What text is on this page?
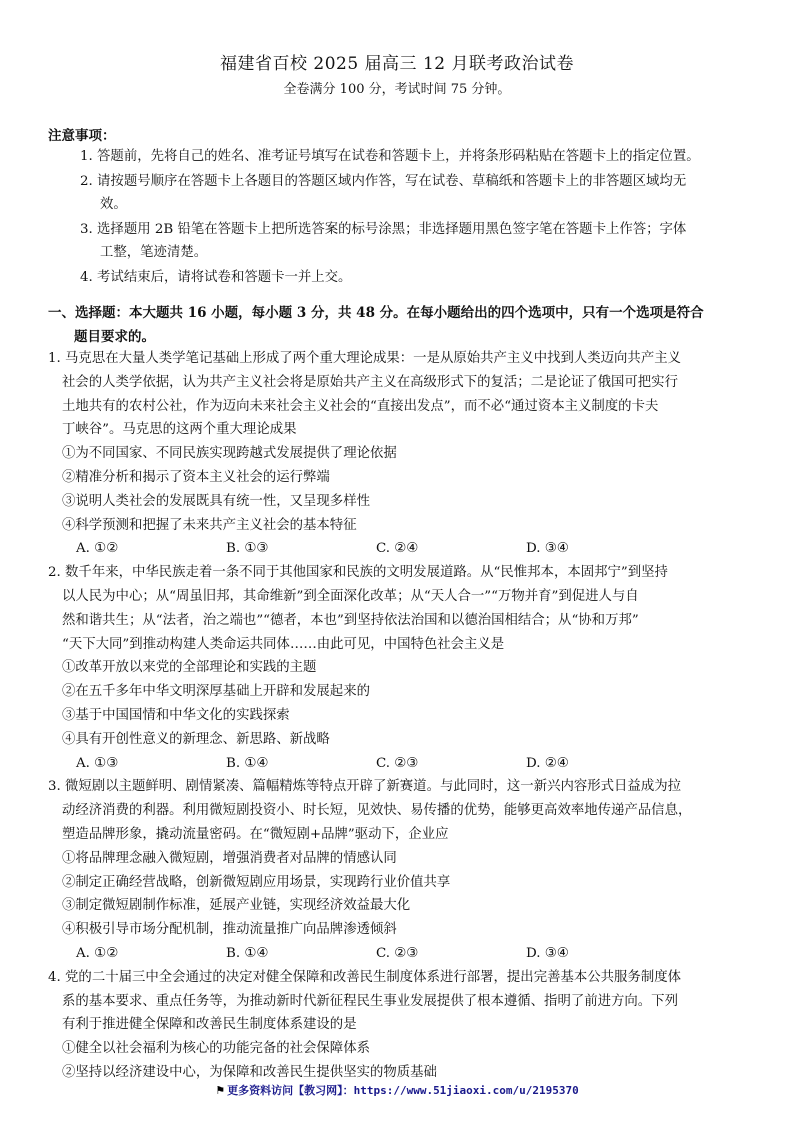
福建省百校 2025 届高三 12 月联考政治试卷
全卷满分 100 分，考试时间 75 分钟。
注意事项：
1. 答题前，先将自己的姓名、准考证号填写在试卷和答题卡上，并将条形码粘贴在答题卡上的指定位置。
2. 请按题号顺序在答题卡上各题目的答题区域内作答，写在试卷、草稿纸和答题卡上的非答题区域均无
效。
3. 选择题用 2B 铅笔在答题卡上把所选答案的标号涂黑；非选择题用黑色签字笔在答题卡上作答；字体
工整，笔迹清楚。
4. 考试结束后，请将试卷和答题卡一并上交。
一、选择题：本大题共 16 小题，每小题 3 分，共 48 分。在每小题给出的四个选项中，只有一个选项是符合
题目要求的。
1. 马克思在大量人类学笔记基础上形成了两个重大理论成果：一是从原始共产主义中找到人类迈向共产主义
社会的人类学依据，认为共产主义社会将是原始共产主义在高级形式下的复活；二是论证了俄国可把实行
土地共有的农村公社，作为迈向未来社会主义社会的“直接出发点”，而不必“通过资本主义制度的卡夫
丁峡谷”。马克思的这两个重大理论成果
①为不同国家、不同民族实现跨越式发展提供了理论依据
②精准分析和揭示了资本主义社会的运行弊端
③说明人类社会的发展既具有统一性，又呈现多样性
④科学预测和把握了未来共产主义社会的基本特征
A. ①②	B. ①③	C. ②④	D. ③④
2. 数千年来，中华民族走着一条不同于其他国家和民族的文明发展道路。从“民惟邦本，本固邦宁”到坚持
以人民为中心；从“周虽旧邦，其命维新”到全面深化改革；从“天人合一”“万物并育”到促进人与自
然和谐共生；从“法者，治之端也”“德者，本也”到坚持依法治国和以德治国相结合；从“协和万邦”
“天下大同”到推动构建人类命运共同体……由此可见，中国特色社会主义是
①改革开放以来党的全部理论和实践的主题
②在五千多年中华文明深厚基础上开辟和发展起来的
③基于中国国情和中华文化的实践探索
④具有开创性意义的新理念、新思路、新战略
A. ①③	B. ①④	C. ②③	D. ②④
3. 微短剧以主题鲜明、剧情紧凑、篇幅精炼等特点开辟了新赛道。与此同时，这一新兴内容形式日益成为拉
动经济消费的利器。利用微短剧投资小、时长短，见效快、易传播的优势，能够更高效率地传递产品信息，
塑造品牌形象，撬动流量密码。在“微短剧+品牌”驱动下，企业应
①将品牌理念融入微短剧，增强消费者对品牌的情感认同
②制定正确经营战略，创新微短剧应用场景，实现跨行业价值共享
③制定微短剧制作标准，延展产业链，实现经济效益最大化
④积极引导市场分配机制，推动流量推广向品牌渗透倾斜
A. ①②	B. ①④	C. ②③	D. ③④
4. 党的二十届三中全会通过的决定对健全保障和改善民生制度体系进行部署，提出完善基本公共服务制度体
系的基本要求、重点任务等，为推动新时代新征程民生事业发展提供了根本遵循、指明了前进方向。下列
有利于推进健全保障和改善民生制度体系建设的是
①健全以社会福利为核心的功能完备的社会保障体系
②坚持以经济建设中心，为保障和改善民生提供坚实的物质基础
⚑ 更多资料访问【教习网】：https://www.51jiaoxi.com/u/2195370
